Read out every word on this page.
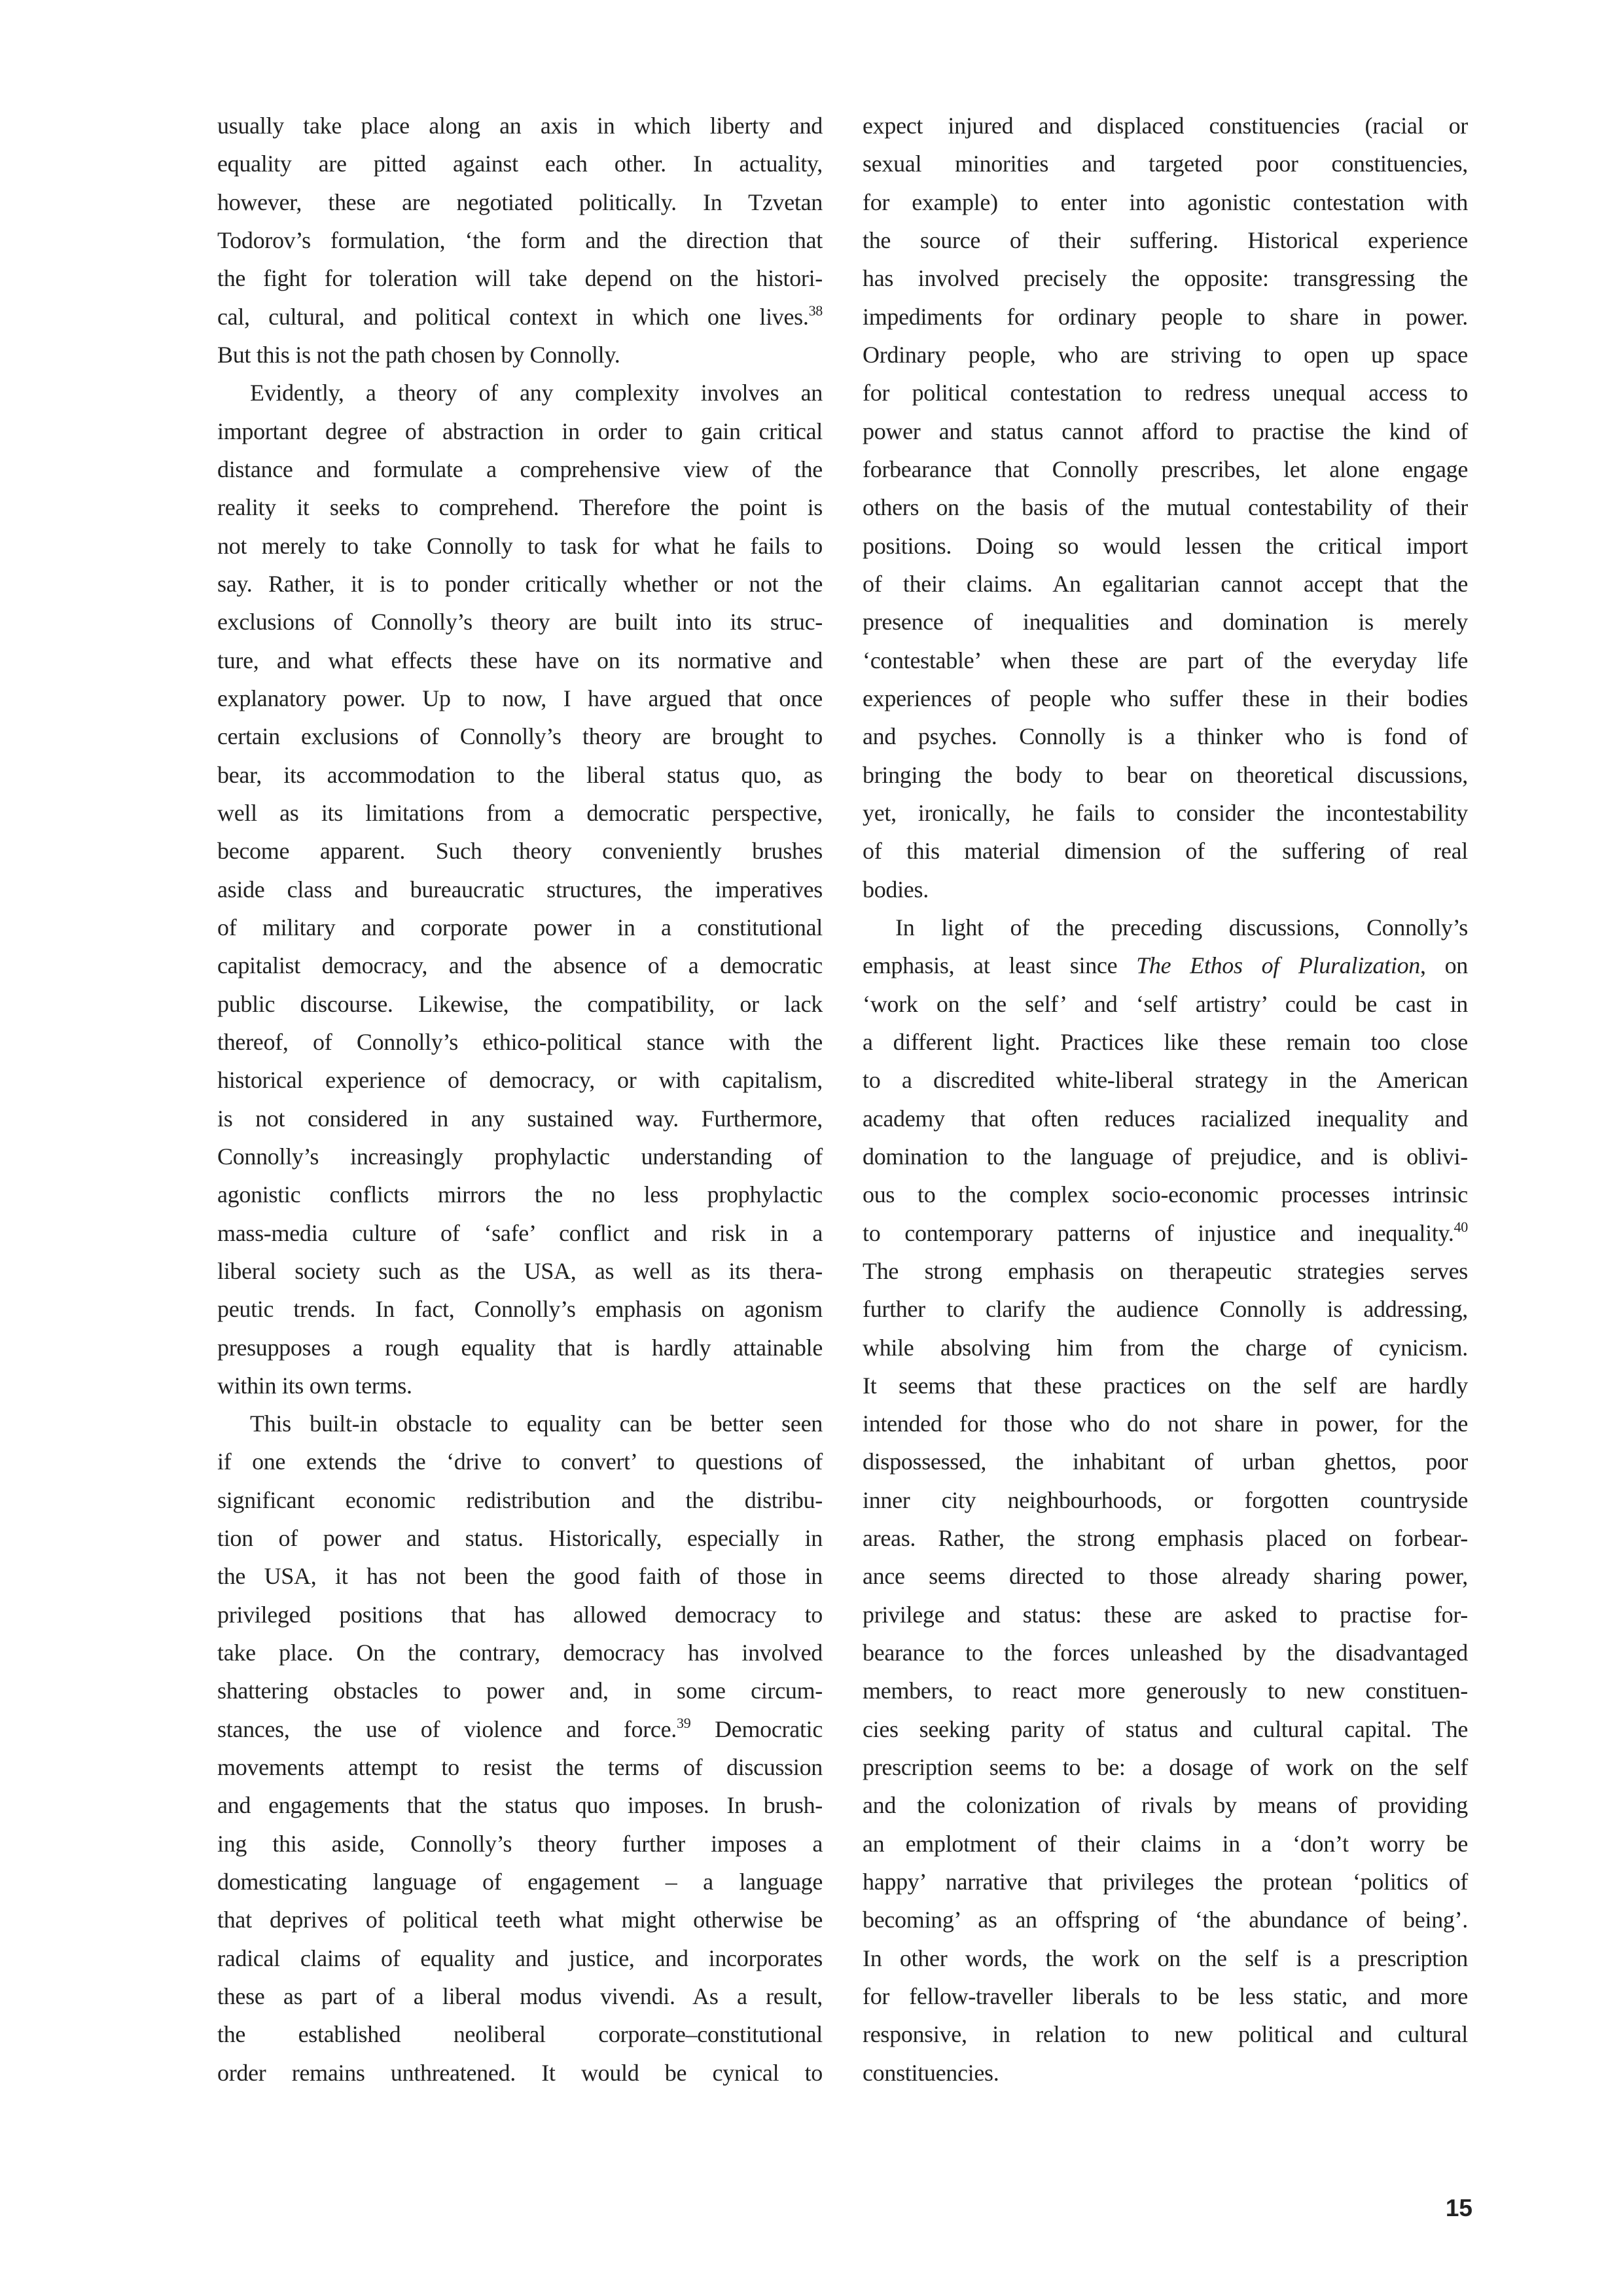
usually take place along an axis in which liberty and
equality are pitted against each other. In actuality,
however, these are negotiated politically. In Tzvetan
Todorov’s formulation, ‘the form and the direction that
the fight for toleration will take depend on the histori-
cal, cultural, and political context in which one lives.$^{38}$
But this is not the path chosen by Connolly.
Evidently, a theory of any complexity involves an
important degree of abstraction in order to gain critical
distance and formulate a comprehensive view of the
reality it seeks to comprehend. Therefore the point is
not merely to take Connolly to task for what he fails to
say. Rather, it is to ponder critically whether or not the
exclusions of Connolly’s theory are built into its struc-
ture, and what effects these have on its normative and
explanatory power. Up to now, I have argued that once
certain exclusions of Connolly’s theory are brought to
bear, its accommodation to the liberal status quo, as
well as its limitations from a democratic perspective,
become apparent. Such theory conveniently brushes
aside class and bureaucratic structures, the imperatives
of military and corporate power in a constitutional
capitalist democracy, and the absence of a democratic
public discourse. Likewise, the compatibility, or lack
thereof, of Connolly’s ethico-political stance with the
historical experience of democracy, or with capitalism,
is not considered in any sustained way. Furthermore,
Connolly’s increasingly prophylactic understanding of
agonistic conflicts mirrors the no less prophylactic
mass-media culture of ‘safe’ conflict and risk in a
liberal society such as the USA, as well as its thera-
peutic trends. In fact, Connolly’s emphasis on agonism
presupposes a rough equality that is hardly attainable
within its own terms.
This built-in obstacle to equality can be better seen
if one extends the ‘drive to convert’ to questions of
significant economic redistribution and the distribu-
tion of power and status. Historically, especially in
the USA, it has not been the good faith of those in
privileged positions that has allowed democracy to
take place. On the contrary, democracy has involved
shattering obstacles to power and, in some circum-
stances, the use of violence and force.$^{39}$ Democratic
movements attempt to resist the terms of discussion
and engagements that the status quo imposes. In brush-
ing this aside, Connolly’s theory further imposes a
domesticating language of engagement – a language
that deprives of political teeth what might otherwise be
radical claims of equality and justice, and incorporates
these as part of a liberal modus vivendi. As a result,
the established neoliberal corporate–constitutional
order remains unthreatened. It would be cynical to
expect injured and displaced constituencies (racial or
sexual minorities and targeted poor constituencies,
for example) to enter into agonistic contestation with
the source of their suffering. Historical experience
has involved precisely the opposite: transgressing the
impediments for ordinary people to share in power.
Ordinary people, who are striving to open up space
for political contestation to redress unequal access to
power and status cannot afford to practise the kind of
forbearance that Connolly prescribes, let alone engage
others on the basis of the mutual contestability of their
positions. Doing so would lessen the critical import
of their claims. An egalitarian cannot accept that the
presence of inequalities and domination is merely
‘contestable’ when these are part of the everyday life
experiences of people who suffer these in their bodies
and psyches. Connolly is a thinker who is fond of
bringing the body to bear on theoretical discussions,
yet, ironically, he fails to consider the incontestability
of this material dimension of the suffering of real
bodies.
In light of the preceding discussions, Connolly’s
emphasis, at least since The Ethos of Pluralization, on
‘work on the self’ and ‘self artistry’ could be cast in
a different light. Practices like these remain too close
to a discredited white-liberal strategy in the American
academy that often reduces racialized inequality and
domination to the language of prejudice, and is oblivi-
ous to the complex socio-economic processes intrinsic
to contemporary patterns of injustice and inequality.$^{40}$
The strong emphasis on therapeutic strategies serves
further to clarify the audience Connolly is addressing,
while absolving him from the charge of cynicism.
It seems that these practices on the self are hardly
intended for those who do not share in power, for the
dispossessed, the inhabitant of urban ghettos, poor
inner city neighbourhoods, or forgotten countryside
areas. Rather, the strong emphasis placed on forbear-
ance seems directed to those already sharing power,
privilege and status: these are asked to practise for-
bearance to the forces unleashed by the disadvantaged
members, to react more generously to new constituen-
cies seeking parity of status and cultural capital. The
prescription seems to be: a dosage of work on the self
and the colonization of rivals by means of providing
an emplotment of their claims in a ‘don’t worry be
happy’ narrative that privileges the protean ‘politics of
becoming’ as an offspring of ‘the abundance of being’.
In other words, the work on the self is a prescription
for fellow-traveller liberals to be less static, and more
responsive, in relation to new political and cultural
constituencies.
15
